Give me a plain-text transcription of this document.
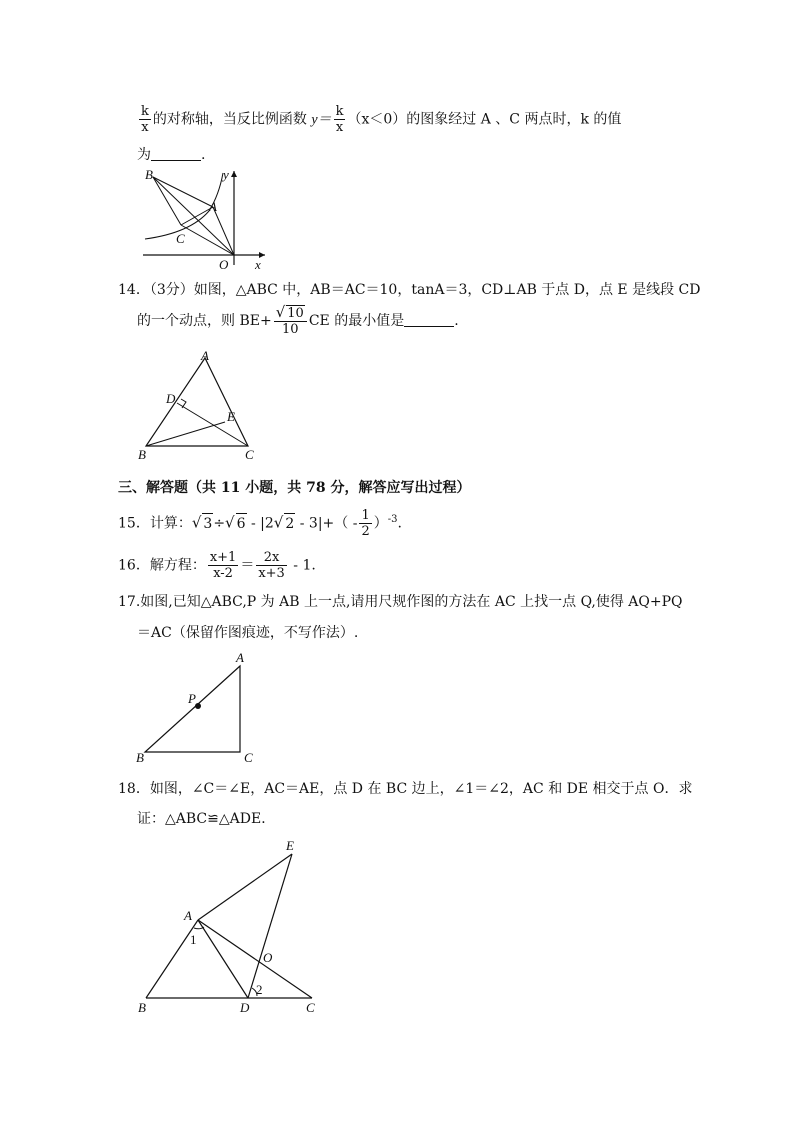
$\frac{k}{x}$ 的对称轴，当反比例函数 $y= \frac{k}{x} (x<0)$的图象经过 A 、C 两点时，k 的值
为	.
B
A
C
O x
y
14．（3分）如图，△ABC 中，AB＝AC＝10，tanA＝3，CD⊥AB 于点 D，点 E 是线段 CD
的一个动点，则 $BE+ \frac{√ 10}{10}$ CE 的最小值是	.
A
D
E
B	C
三、解答题（共 11 小题，共 78 分，解答应写出过程）
15．计算：√ 3÷√ 6 - |2√ $2 - 3|+( - \frac{1}{2} )^{-3}$.
16．解方程： $\frac{x+1}{x-2} = \frac{2x}{x+3} - 1$.
17.如图,已知△ABC,P 为 AB 上一点,请用尺规作图的方法在 AC 上找一点 Q,使得 AQ+PQ
＝AC（保留作图痕迹，不写作法）.
A
P
B	C
18．如图，∠C＝∠E，AC＝AE，点 D 在 BC 边上，∠1＝∠2，AC 和 DE 相交于点 O．求
证：△ABC≌△ADE．
E
A
1
O
2
B	D	C
